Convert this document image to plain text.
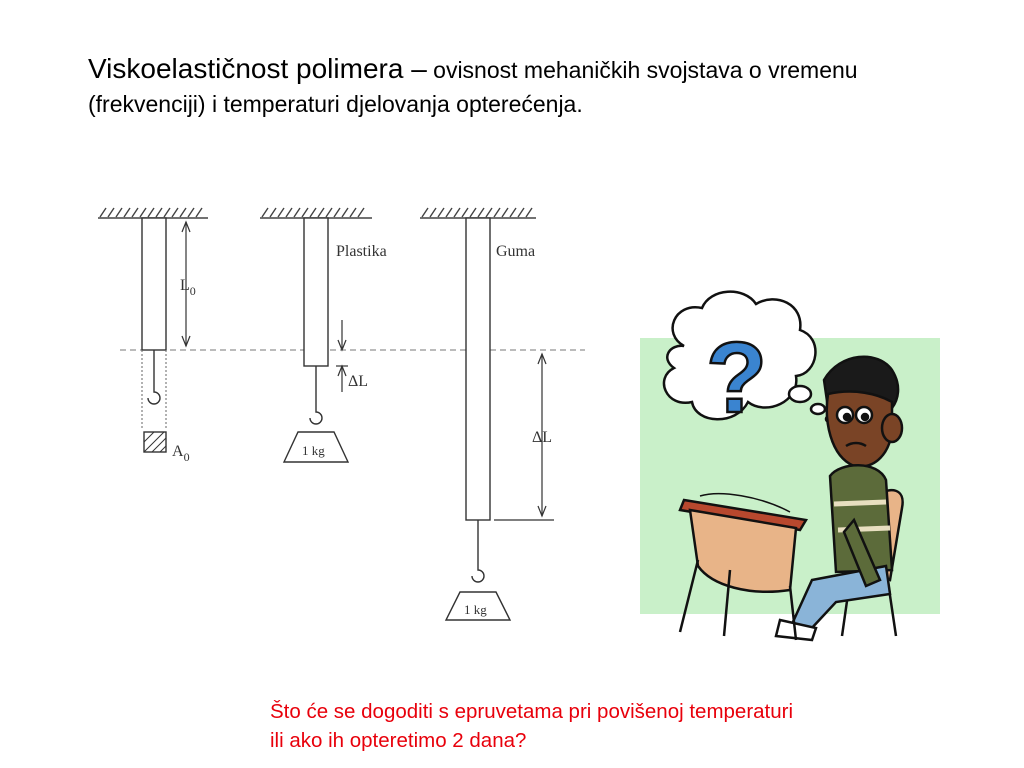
Viskoelastičnost polimera – ovisnost mehaničkih svojstava o vremenu (frekvenciji) i temperaturi djelovanja opterećenja.
$A_0$
$L_0$
Plastika
1 kg
ΔL
Guma
1 kg
ΔL
?
Što će se dogoditi s epruvetama pri povišenoj temperaturi
ili ako ih opteretimo 2 dana?
